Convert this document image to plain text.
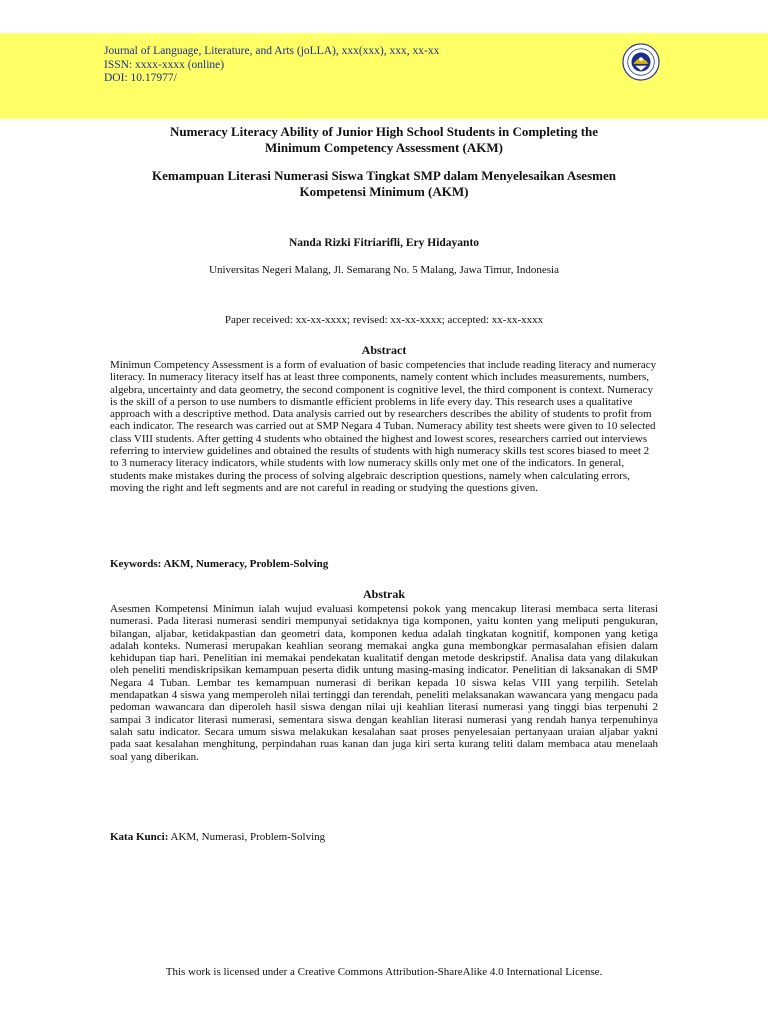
Journal of Language, Literature, and Arts (joLLA), xxx(xxx), xxx, xx-xx
ISSN: xxxx-xxxx (online)
DOI: 10.17977/
Numeracy Literacy Ability of Junior High School Students in Completing the
Minimum Competency Assessment (AKM)
Kemampuan Literasi Numerasi Siswa Tingkat SMP dalam Menyelesaikan Asesmen
Kompetensi Minimum (AKM)
Nanda Rizki Fitriarifli, Ery Hidayanto
Universitas Negeri Malang, Jl. Semarang No. 5 Malang, Jawa Timur, Indonesia
Paper received: xx-xx-xxxx; revised: xx-xx-xxxx; accepted: xx-xx-xxxx
Abstract
Minimun Competency Assessment is a form of evaluation of basic competencies that include reading literacy and numeracy literacy. In numeracy literacy itself has at least three components, namely content which includes measurements, numbers, algebra, uncertainty and data geometry, the second component is cognitive level, the third component is context. Numeracy is the skill of a person to use numbers to dismantle efficient problems in life every day. This research uses a qualitative approach with a descriptive method. Data analysis carried out by researchers describes the ability of students to profit from each indicator. The research was carried out at SMP Negara 4 Tuban. Numeracy ability test sheets were given to 10 selected class VIII students. After getting 4 students who obtained the highest and lowest scores, researchers carried out interviews referring to interview guidelines and obtained the results of students with high numeracy skills test scores biased to meet 2 to 3 numeracy literacy indicators, while students with low numeracy skills only met one of the indicators. In general, students make mistakes during the process of solving algebraic description questions, namely when calculating errors, moving the right and left segments and are not careful in reading or studying the questions given.
Keywords: AKM, Numeracy, Problem-Solving
Abstrak
Asesmen Kompetensi Minimun ialah wujud evaluasi kompetensi pokok yang mencakup literasi membaca serta literasi numerasi. Pada literasi numerasi sendiri mempunyai setidaknya tiga komponen, yaitu konten yang meliputi pengukuran, bilangan, aljabar, ketidakpastian dan geometri data, komponen kedua adalah tingkatan kognitif, komponen yang ketiga adalah konteks. Numerasi merupakan keahlian seorang memakai angka guna membongkar permasalahan efisien dalam kehidupan tiap hari. Penelitian ini memakai pendekatan kualitatif dengan metode deskripstif. Analisa data yang dilakukan oleh peneliti mendiskripsikan kemampuan peserta didik untung masing-masing indicator. Penelitian di laksanakan di SMP Negara 4 Tuban. Lembar tes kemampuan numerasi di berikan kepada 10 siswa kelas VIII yang terpilih. Setelah mendapatkan 4 siswa yang memperoleh nilai tertinggi dan terendah, peneliti melaksanakan wawancara yang mengacu pada pedoman wawancara dan diperoleh hasil siswa dengan nilai uji keahlian literasi numerasi yang tinggi bias terpenuhi 2 sampai 3 indicator literasi numerasi, sementara siswa dengan keahlian literasi numerasi yang rendah hanya terpenuhinya salah satu indicator. Secara umum siswa melakukan kesalahan saat proses penyelesaian pertanyaan uraian aljabar yakni pada saat kesalahan menghitung, perpindahan ruas kanan dan juga kiri serta kurang teliti dalam membaca atau menelaah soal yang diberikan.
Kata Kunci: AKM, Numerasi, Problem-Solving
This work is licensed under a Creative Commons Attribution-ShareAlike 4.0 International License.
